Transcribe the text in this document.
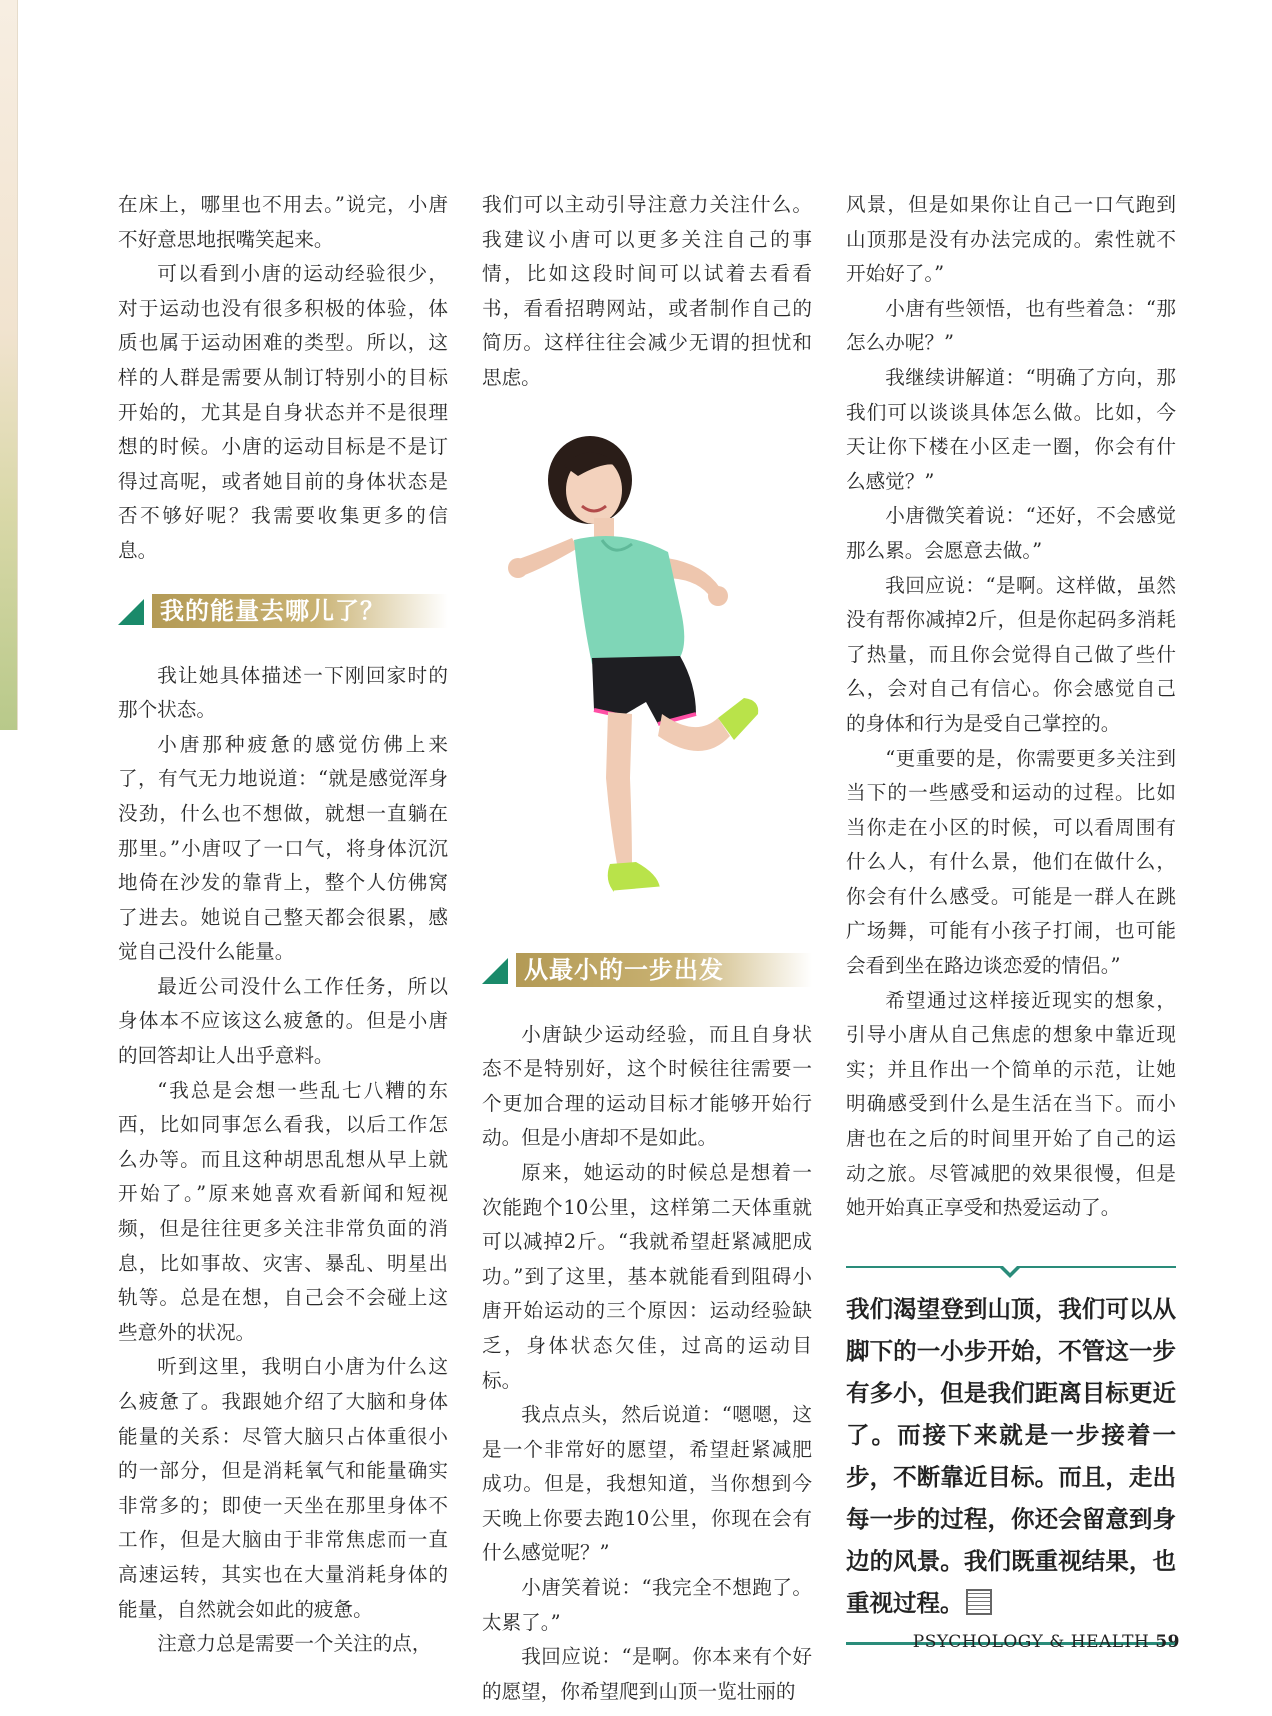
在床上，哪里也不用去。”说完，小唐不好意思地抿嘴笑起来。

可以看到小唐的运动经验很少，对于运动也没有很多积极的体验，体质也属于运动困难的类型。所以，这样的人群是需要从制订特别小的目标开始的，尤其是自身状态并不是很理想的时候。小唐的运动目标是不是订得过高呢，或者她目前的身体状态是否不够好呢？我需要收集更多的信息。

我的能量去哪儿了？

我让她具体描述一下刚回家时的那个状态。

小唐那种疲惫的感觉仿佛上来了，有气无力地说道：“就是感觉浑身没劲，什么也不想做，就想一直躺在那里。”小唐叹了一口气，将身体沉沉地倚在沙发的靠背上，整个人仿佛窝了进去。她说自己整天都会很累，感觉自己没什么能量。

最近公司没什么工作任务，所以身体本不应该这么疲惫的。但是小唐的回答却让人出乎意料。

“我总是会想一些乱七八糟的东西，比如同事怎么看我，以后工作怎么办等。而且这种胡思乱想从早上就开始了。”原来她喜欢看新闻和短视频，但是往往更多关注非常负面的消息，比如事故、灾害、暴乱、明星出轨等。总是在想，自己会不会碰上这些意外的状况。

听到这里，我明白小唐为什么这么疲惫了。我跟她介绍了大脑和身体能量的关系：尽管大脑只占体重很小的一部分，但是消耗氧气和能量确实非常多的；即使一天坐在那里身体不工作，但是大脑由于非常焦虑而一直高速运转，其实也在大量消耗身体的能量，自然就会如此的疲惫。

注意力总是需要一个关注的点，

我们可以主动引导注意力关注什么。我建议小唐可以更多关注自己的事情，比如这段时间可以试着去看看书，看看招聘网站，或者制作自己的简历。这样往往会减少无谓的担忧和思虑。

从最小的一步出发

小唐缺少运动经验，而且自身状态不是特别好，这个时候往往需要一个更加合理的运动目标才能够开始行动。但是小唐却不是如此。

原来，她运动的时候总是想着一次能跑个10公里，这样第二天体重就可以减掉2斤。“我就希望赶紧减肥成功。”到了这里，基本就能看到阻碍小唐开始运动的三个原因：运动经验缺乏，身体状态欠佳，过高的运动目标。

我点点头，然后说道：“嗯嗯，这是一个非常好的愿望，希望赶紧减肥成功。但是，我想知道，当你想到今天晚上你要去跑10公里，你现在会有什么感觉呢？”

小唐笑着说：“我完全不想跑了。太累了。”

我回应说：“是啊。你本来有个好的愿望，你希望爬到山顶一览壮丽的

风景，但是如果你让自己一口气跑到山顶那是没有办法完成的。索性就不开始好了。”

小唐有些领悟，也有些着急：“那怎么办呢？”

我继续讲解道：“明确了方向，那我们可以谈谈具体怎么做。比如，今天让你下楼在小区走一圈，你会有什么感觉？”

小唐微笑着说：“还好，不会感觉那么累。会愿意去做。”

我回应说：“是啊。这样做，虽然没有帮你减掉2斤，但是你起码多消耗了热量，而且你会觉得自己做了些什么，会对自己有信心。你会感觉自己的身体和行为是受自己掌控的。

“更重要的是，你需要更多关注到当下的一些感受和运动的过程。比如当你走在小区的时候，可以看周围有什么人，有什么景，他们在做什么，你会有什么感受。可能是一群人在跳广场舞，可能有小孩子打闹，也可能会看到坐在路边谈恋爱的情侣。”

希望通过这样接近现实的想象，引导小唐从自己焦虑的想象中靠近现实；并且作出一个简单的示范，让她明确感受到什么是生活在当下。而小唐也在之后的时间里开始了自己的运动之旅。尽管减肥的效果很慢，但是她开始真正享受和热爱运动了。

我们渴望登到山顶，我们可以从脚下的一小步开始，不管这一步有多小，但是我们距离目标更近了。而接下来就是一步接着一步，不断靠近目标。而且，走出每一步的过程，你还会留意到身边的风景。我们既重视结果，也重视过程。
PSYCHOLOGY & HEALTH 59
